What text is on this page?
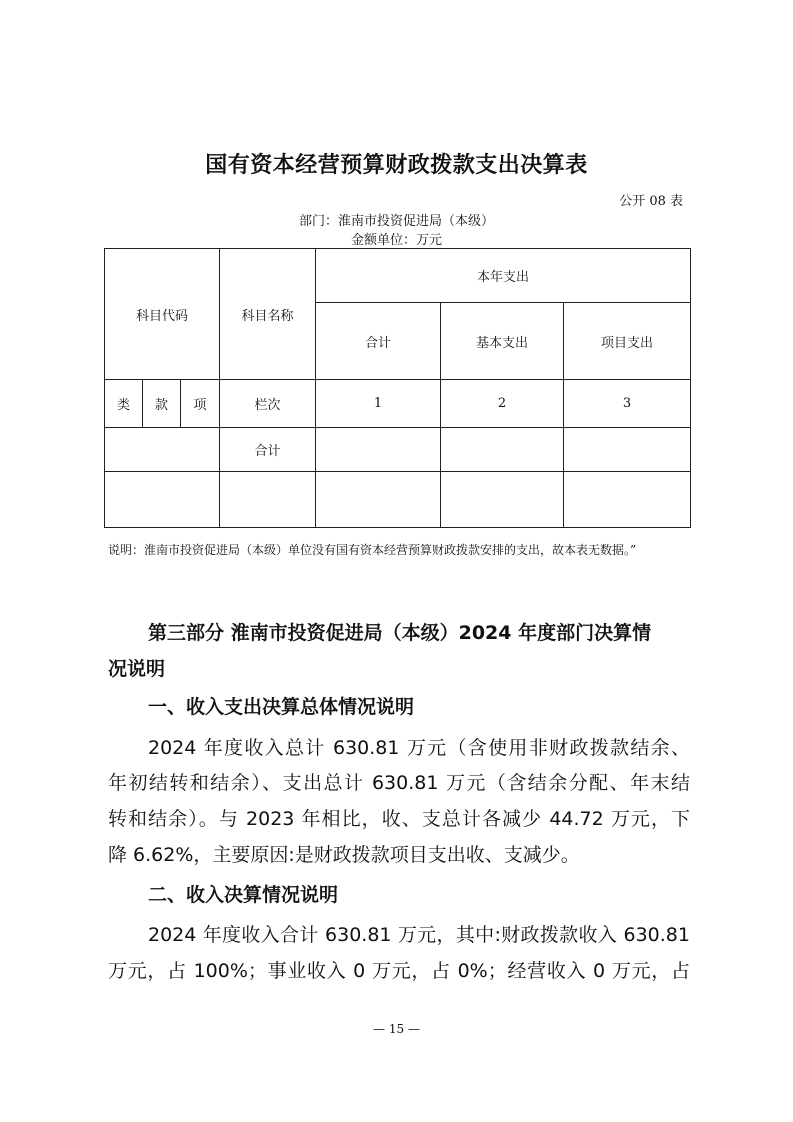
国有资本经营预算财政拨款支出决算表
公开 08 表
部门：淮南市投资促进局（本级）
金额单位：万元
科目代码			科目名称	本年支出		
				合计	基本支出	项目支出
类	款	项	栏次	1	2	3
			合计			

说明：淮南市投资促进局（本级）单位没有国有资本经营预算财政拨款安排的支出，故本表无数据。”
第三部分 淮南市投资促进局（本级）2024 年度部门决算情
况说明
一、收入支出决算总体情况说明
2024 年度收入总计 630.81 万元（含使用非财政拨款结余、
年初结转和结余）、支出总计 630.81 万元（含结余分配、年末结
转和结余）。与 2023 年相比，收、支总计各减少 44.72 万元，下
降 6.62%，主要原因:是财政拨款项目支出收、支减少。
二、收入决算情况说明
2024 年度收入合计 630.81 万元，其中:财政拨款收入 630.81
万元，占 100%；事业收入 0 万元，占 0%；经营收入 0 万元，占
— 15 —
